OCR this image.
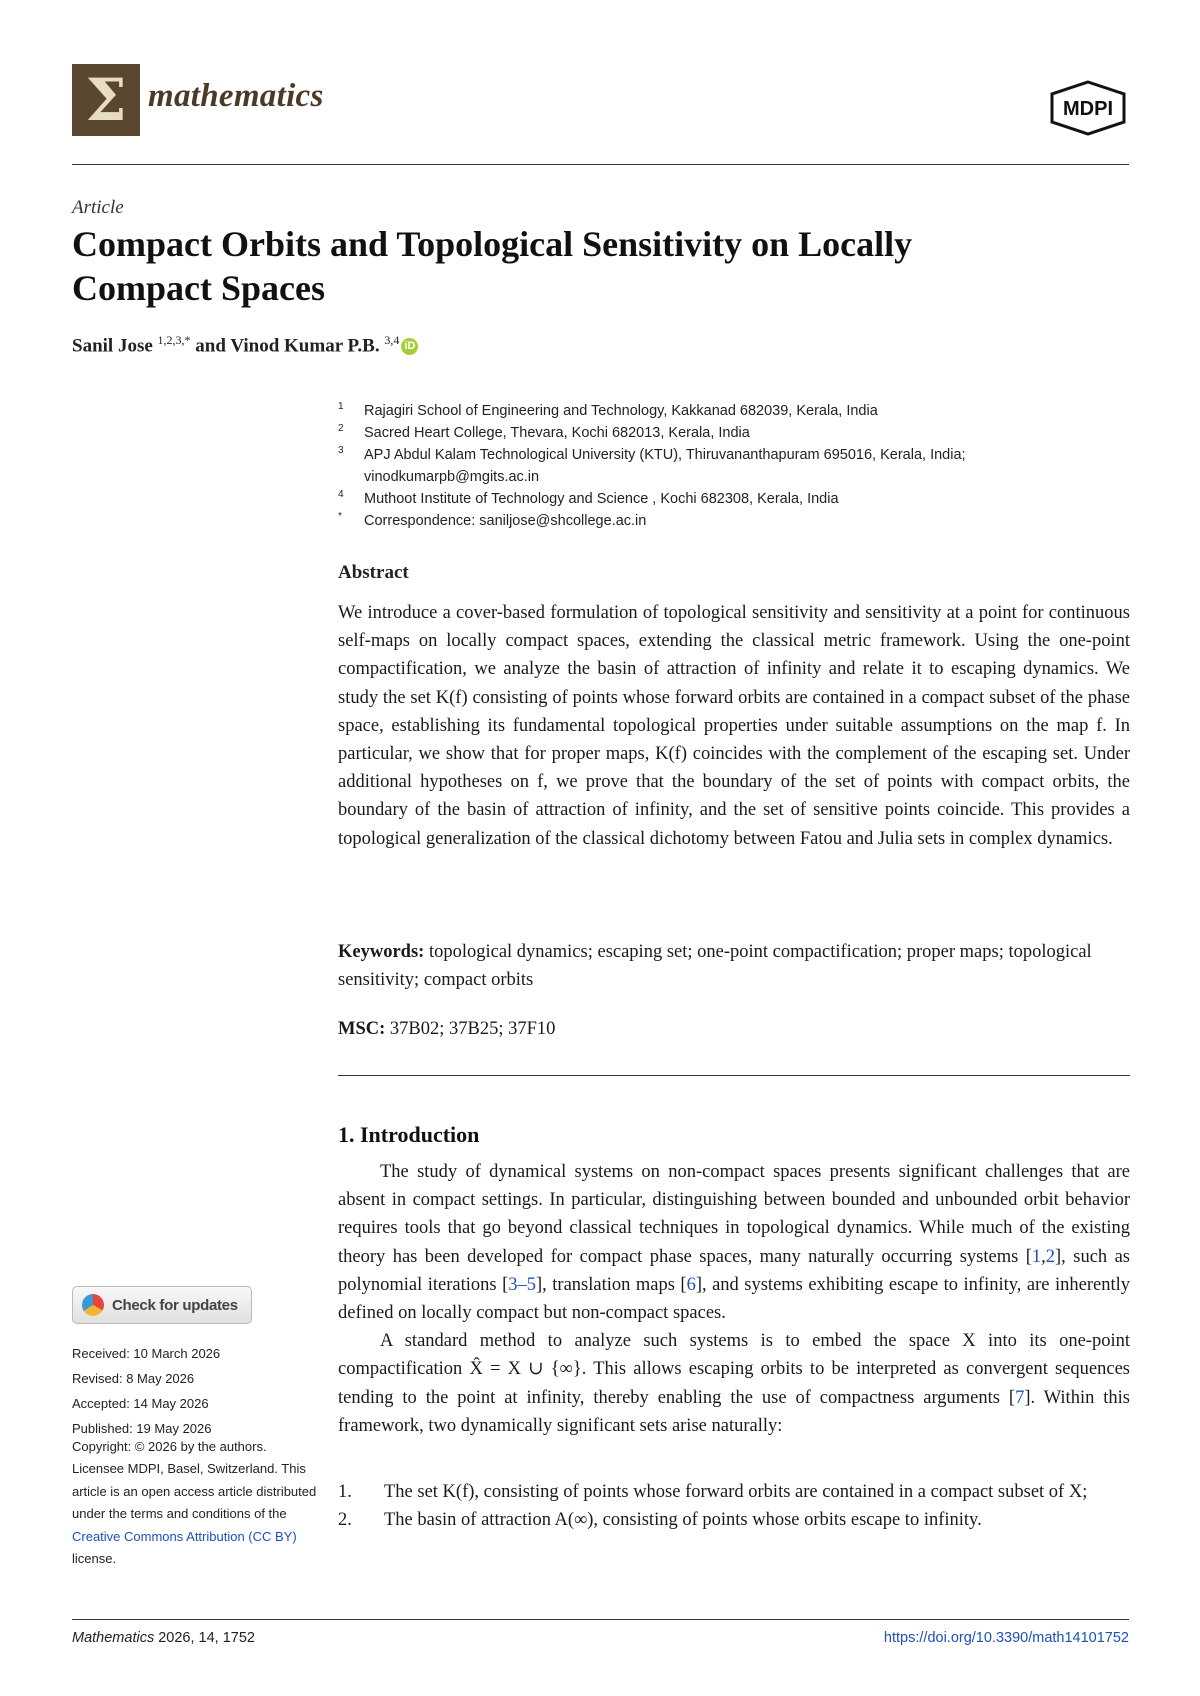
Σ mathematics	MDPI
Article
Compact Orbits and Topological Sensitivity on Locally Compact Spaces
Sanil Jose $^{1,2,3,*}$ and Vinod Kumar P.B. $^{3,4}$ iD
1 Rajagiri School of Engineering and Technology, Kakkanad 682039, Kerala, India
2 Sacred Heart College, Thevara, Kochi 682013, Kerala, India
3 APJ Abdul Kalam Technological University (KTU), Thiruvananthapuram 695016, Kerala, India;
vinodkumarpb@mgits.ac.in
4 Muthoot Institute of Technology and Science , Kochi 682308, Kerala, India
* Correspondence: saniljose@shcollege.ac.in
Abstract
We introduce a cover-based formulation of topological sensitivity and sensitivity at a point for continuous self-maps on locally compact spaces, extending the classical metric framework. Using the one-point compactification, we analyze the basin of attraction of infinity and relate it to escaping dynamics. We study the set K(f) consisting of points whose forward orbits are contained in a compact subset of the phase space, establishing its fundamental topological properties under suitable assumptions on the map f. In particular, we show that for proper maps, K(f) coincides with the complement of the escaping set. Under additional hypotheses on f, we prove that the boundary of the set of points with compact orbits, the boundary of the basin of attraction of infinity, and the set of sensitive points coincide. This provides a topological generalization of the classical dichotomy between Fatou and Julia sets in complex dynamics.
Keywords: topological dynamics; escaping set; one-point compactification; proper maps; topological sensitivity; compact orbits
MSC: 37B02; 37B25; 37F10
1. Introduction

The study of dynamical systems on non-compact spaces presents significant challenges that are absent in compact settings. In particular, distinguishing between bounded and unbounded orbit behavior requires tools that go beyond classical techniques in topological dynamics. While much of the existing theory has been developed for compact phase spaces, many naturally occurring systems [1,2], such as polynomial iterations [3–5], translation maps [6], and systems exhibiting escape to infinity, are inherently defined on locally compact but non-compact spaces.

A standard method to analyze such systems is to embed the space X into its one-point compactification X̂ = X ∪ {∞}. This allows escaping orbits to be interpreted as convergent sequences tending to the point at infinity, thereby enabling the use of compactness arguments [7]. Within this framework, two dynamically significant sets arise naturally:

1. The set K(f), consisting of points whose forward orbits are contained in a compact subset of X;
2. The basin of attraction A(∞), consisting of points whose orbits escape to infinity.
Check for updates
Received: 10 March 2026
Revised: 8 May 2026
Accepted: 14 May 2026
Published: 19 May 2026
Copyright: © 2026 by the authors. Licensee MDPI, Basel, Switzerland. This article is an open access article distributed under the terms and conditions of the Creative Commons Attribution (CC BY) license.
Mathematics 2026, 14, 1752	https://doi.org/10.3390/math14101752
